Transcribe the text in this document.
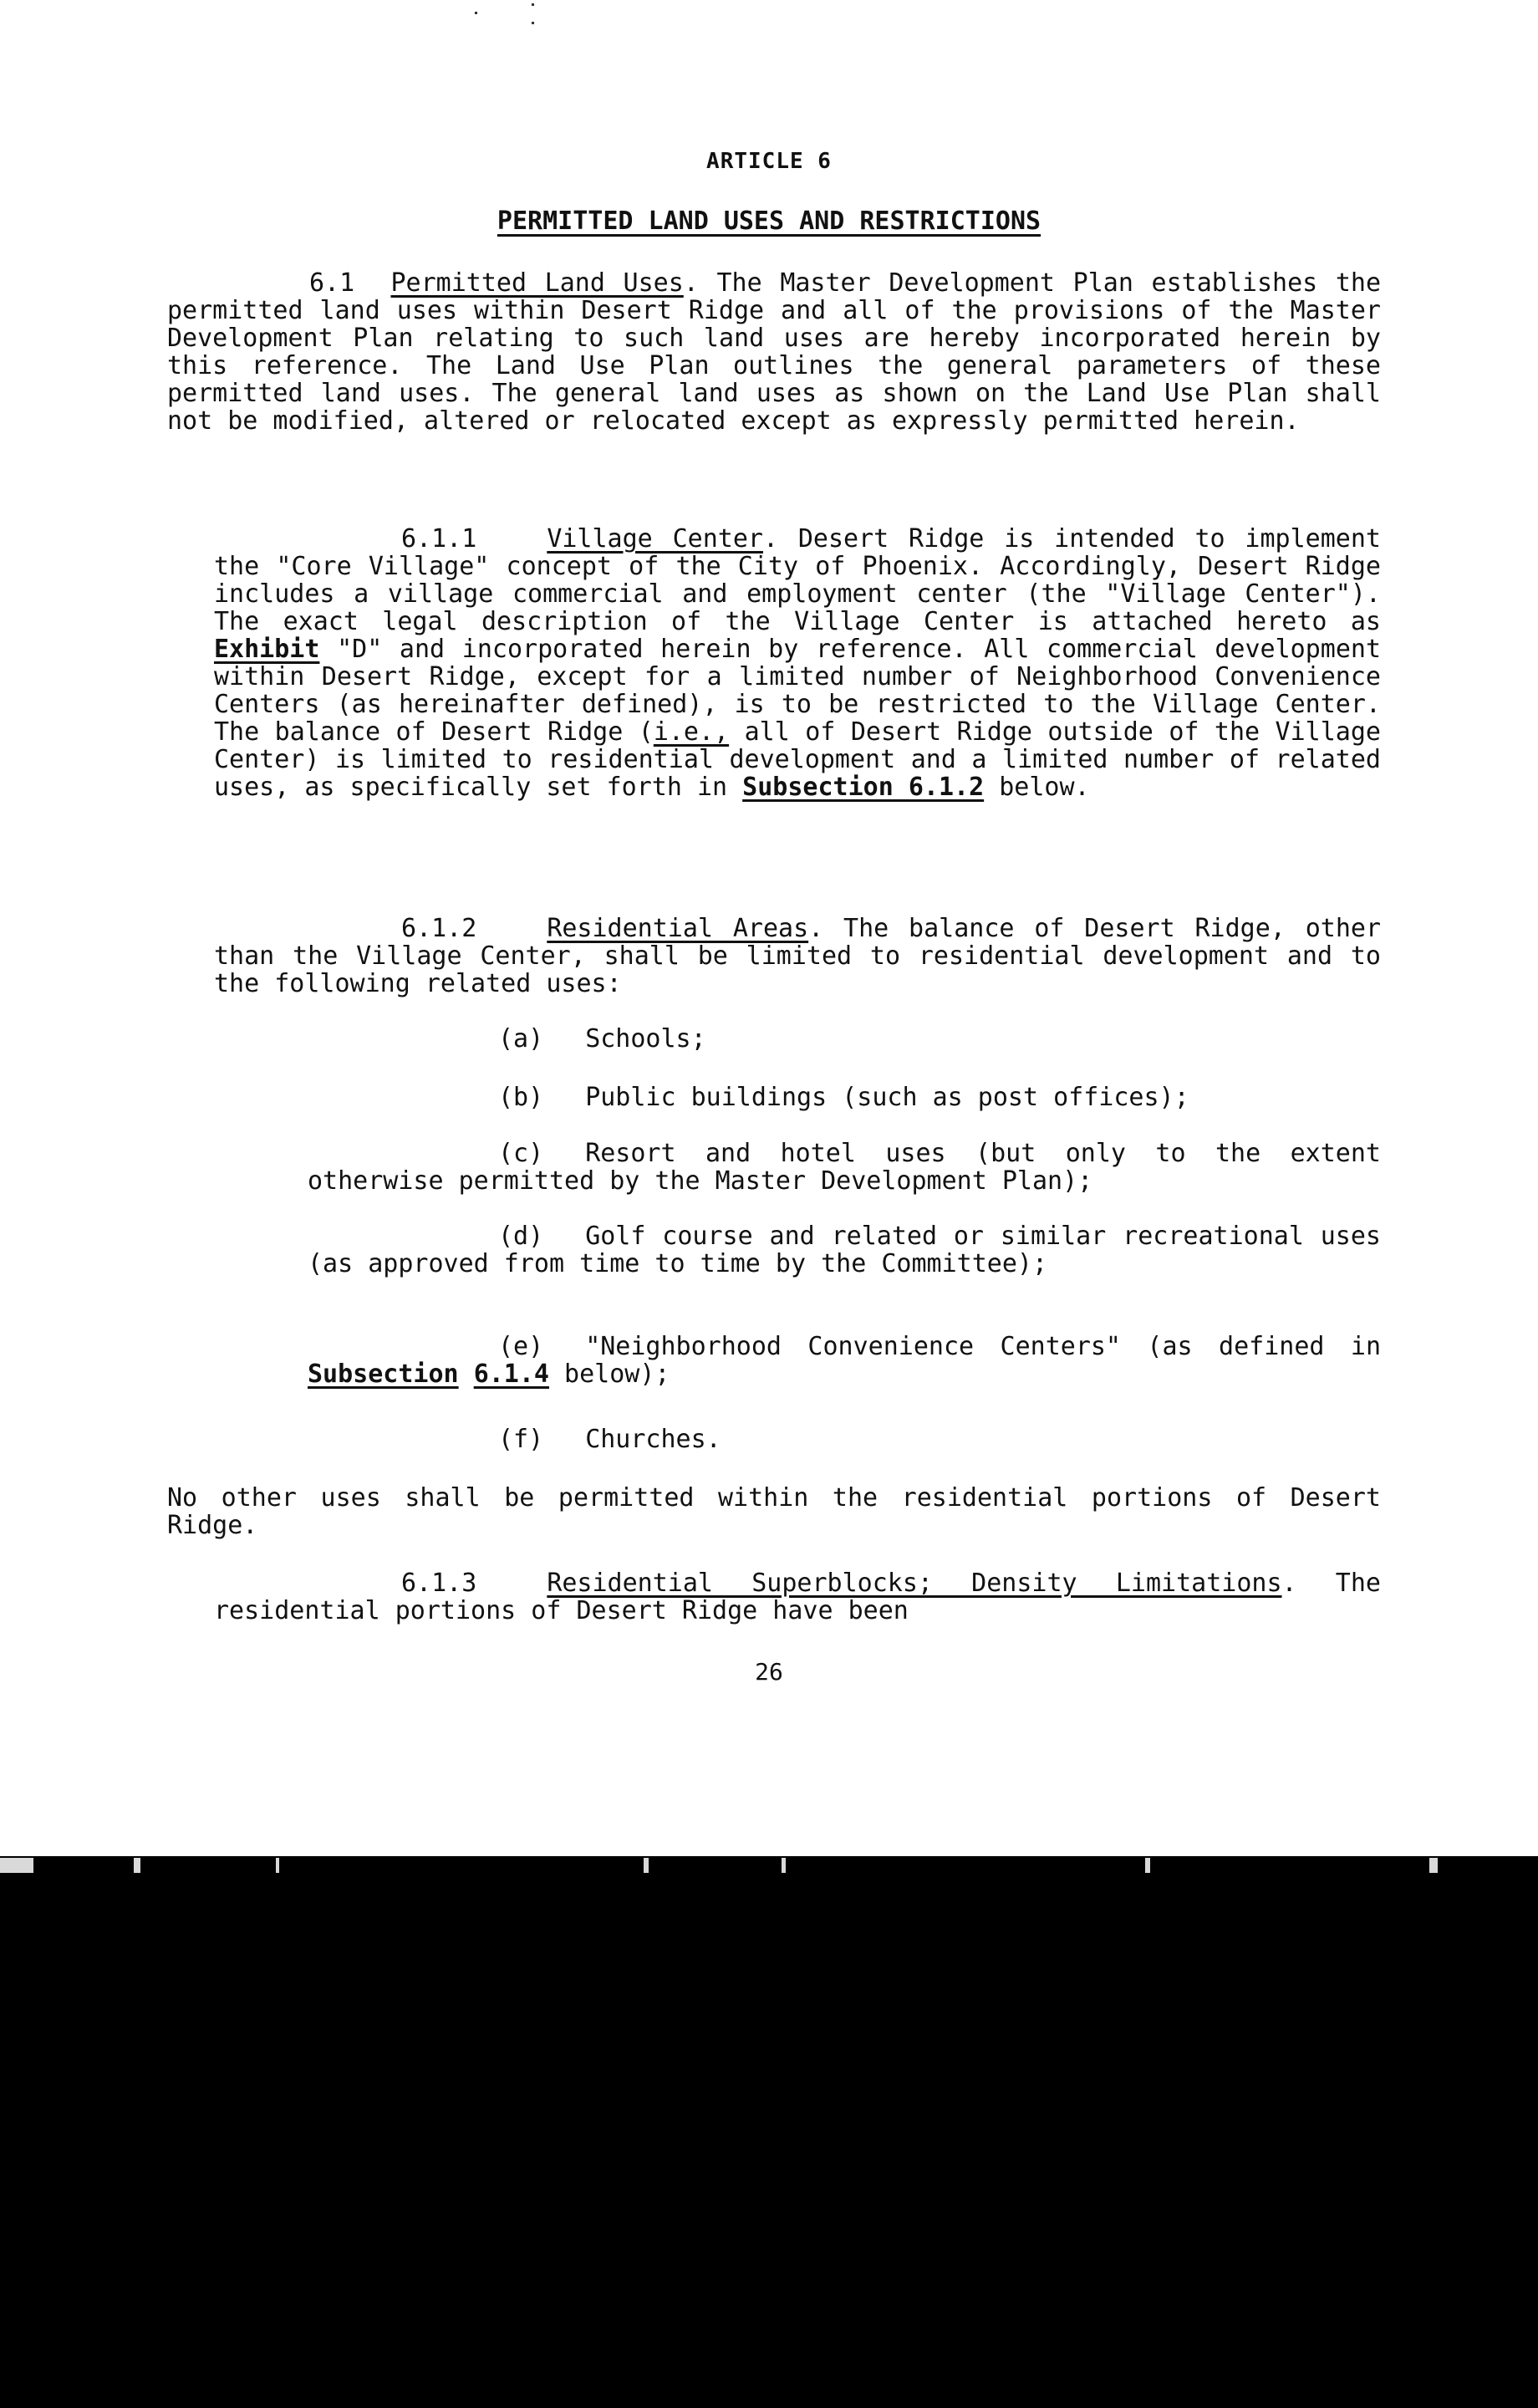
ARTICLE 6
PERMITTED LAND USES AND RESTRICTIONS
6.1 Permitted Land Uses. The Master Development Plan establishes the permitted land uses within Desert Ridge and all of the provisions of the Master Development Plan relating to such land uses are hereby incorporated herein by this reference. The Land Use Plan outlines the general parameters of these permitted land uses. The general land uses as shown on the Land Use Plan shall not be modified, altered or relocated except as expressly permitted herein.
6.1.1	Village Center. Desert Ridge is intended to implement the "Core Village" concept of the City of Phoenix. Accordingly, Desert Ridge includes a village commercial and employment center (the "Village Center"). The exact legal description of the Village Center is attached hereto as Exhibit "D" and incorporated herein by reference. All commercial development within Desert Ridge, except for a limited number of Neighborhood Convenience Centers (as hereinafter defined), is to be restricted to the Village Center. The balance of Desert Ridge (i.e., all of Desert Ridge outside of the Village Center) is limited to residential development and a limited number of related uses, as specifically set forth in Subsection 6.1.2 below.
6.1.2	Residential Areas. The balance of Desert Ridge, other than the Village Center, shall be limited to residential development and to the following related uses:
(a) Schools;
(b) Public buildings (such as post offices);
(c) Resort and hotel uses (but only to the extent otherwise permitted by the Master Development Plan);
(d) Golf course and related or similar recreational uses (as approved from time to time by the Committee);
(e) "Neighborhood Convenience Centers" (as defined in Subsection 6.1.4 below);
(f) Churches.
No other uses shall be permitted within the residential portions of Desert Ridge.
6.1.3	Residential Superblocks; Density Limitations. The residential portions of Desert Ridge have been
26
